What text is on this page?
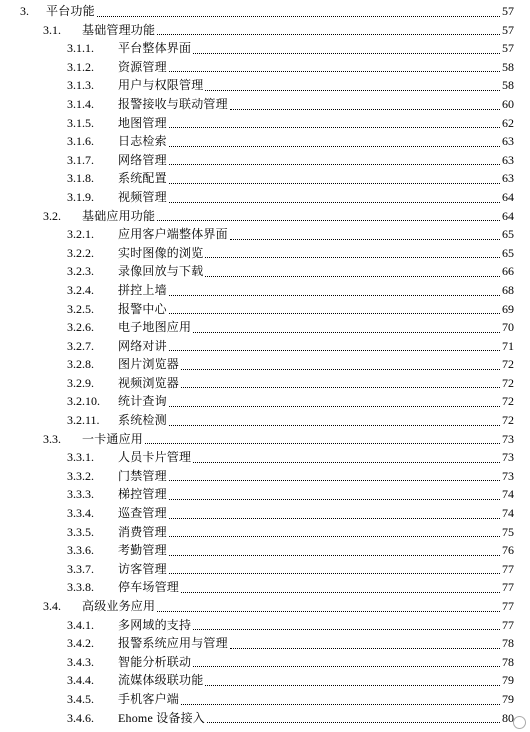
3. 平台功能	57
3.1. 基础管理功能	57
3.1.1. 平台整体界面	57
3.1.2. 资源管理	58
3.1.3. 用户与权限管理	58
3.1.4. 报警接收与联动管理	60
3.1.5. 地图管理	62
3.1.6. 日志检索	63
3.1.7. 网络管理	63
3.1.8. 系统配置	63
3.1.9. 视频管理	64
3.2. 基础应用功能	64
3.2.1. 应用客户端整体界面	65
3.2.2. 实时图像的浏览	65
3.2.3. 录像回放与下载	66
3.2.4. 拼控上墙	68
3.2.5. 报警中心	69
3.2.6. 电子地图应用	70
3.2.7. 网络对讲	71
3.2.8. 图片浏览器	72
3.2.9. 视频浏览器	72
3.2.10. 统计查询	72
3.2.11. 系统检测	72
3.3. 一卡通应用	73
3.3.1. 人员卡片管理	73
3.3.2. 门禁管理	73
3.3.3. 梯控管理	74
3.3.4. 巡查管理	74
3.3.5. 消费管理	75
3.3.6. 考勤管理	76
3.3.7. 访客管理	77
3.3.8. 停车场管理	77
3.4. 高级业务应用	77
3.4.1. 多网域的支持	77
3.4.2. 报警系统应用与管理	78
3.4.3. 智能分析联动	78
3.4.4. 流媒体级联功能	79
3.4.5. 手机客户端	79
3.4.6. Ehome 设备接入	80
